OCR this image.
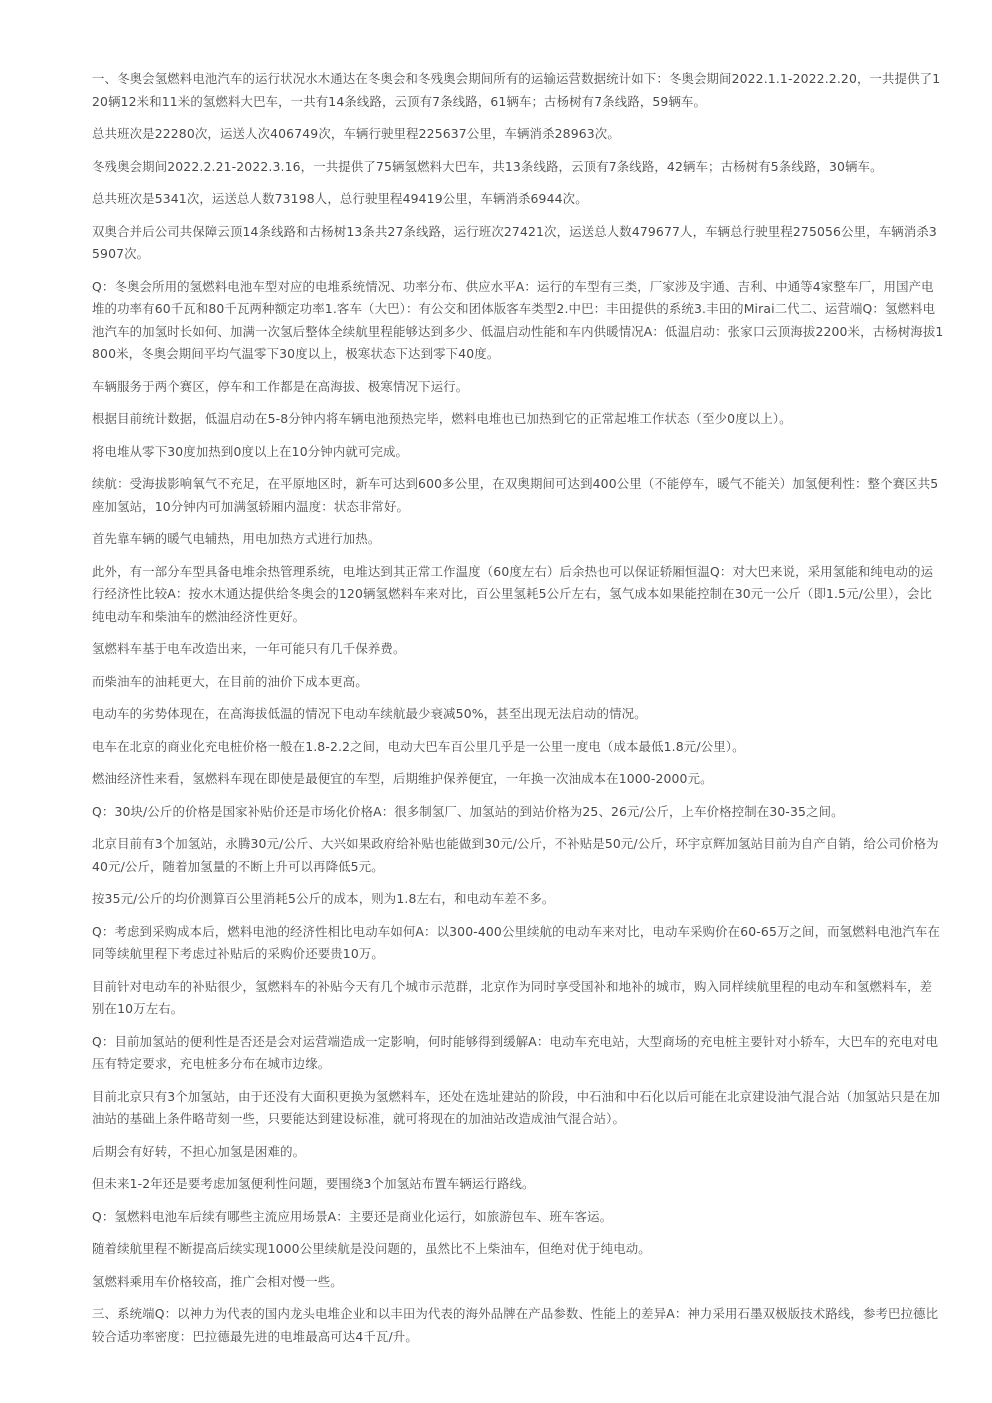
一、冬奥会氢燃料电池汽车的运行状况水木通达在冬奥会和冬残奥会期间所有的运输运营数据统计如下：冬奥会期间2022.1.1-2022.2.20，一共提供了120辆12米和11米的氢燃料大巴车，一共有14条线路，云顶有7条线路，61辆车；古杨树有7条线路，59辆车。

总共班次是22280次，运送人次406749次，车辆行驶里程225637公里，车辆消杀28963次。

冬残奥会期间2022.2.21-2022.3.16，一共提供了75辆氢燃料大巴车，共13条线路，云顶有7条线路，42辆车；古杨树有5条线路，30辆车。

总共班次是5341次，运送总人数73198人，总行驶里程49419公里，车辆消杀6944次。

双奥合并后公司共保障云顶14条线路和古杨树13条共27条线路，运行班次27421次，运送总人数479677人，车辆总行驶里程275056公里，车辆消杀35907次。

Q：冬奥会所用的氢燃料电池车型对应的电堆系统情况、功率分布、供应水平A：运行的车型有三类，厂家涉及宇通、吉利、中通等4家整车厂，用国产电堆的功率有60千瓦和80千瓦两种额定功率1.客车（大巴）：有公交和团体版客车类型2.中巴：丰田提供的系统3.丰田的Mirai二代二、运营端Q：氢燃料电池汽车的加氢时长如何、加满一次氢后整体全续航里程能够达到多少、低温启动性能和车内供暖情况A：低温启动：张家口云顶海拔2200米，古杨树海拔1800米，冬奥会期间平均气温零下30度以上，极寒状态下达到零下40度。

车辆服务于两个赛区，停车和工作都是在高海拔、极寒情况下运行。

根据目前统计数据，低温启动在5-8分钟内将车辆电池预热完毕，燃料电堆也已加热到它的正常起堆工作状态（至少0度以上）。

将电堆从零下30度加热到0度以上在10分钟内就可完成。

续航：受海拔影响氧气不充足，在平原地区时，新车可达到600多公里，在双奥期间可达到400公里（不能停车，暖气不能关）加氢便利性：整个赛区共5座加氢站，10分钟内可加满氢轿厢内温度：状态非常好。

首先靠车辆的暖气电辅热，用电加热方式进行加热。

此外，有一部分车型具备电堆余热管理系统，电堆达到其正常工作温度（60度左右）后余热也可以保证轿厢恒温Q：对大巴来说，采用氢能和纯电动的运行经济性比较A：按水木通达提供给冬奥会的120辆氢燃料车来对比，百公里氢耗5公斤左右，氢气成本如果能控制在30元一公斤（即1.5元/公里），会比纯电动车和柴油车的燃油经济性更好。

氢燃料车基于电车改造出来，一年可能只有几千保养费。

而柴油车的油耗更大，在目前的油价下成本更高。

电动车的劣势体现在，在高海拔低温的情况下电动车续航最少衰减50%，甚至出现无法启动的情况。

电车在北京的商业化充电桩价格一般在1.8-2.2之间，电动大巴车百公里几乎是一公里一度电（成本最低1.8元/公里）。

燃油经济性来看，氢燃料车现在即使是最便宜的车型，后期维护保养便宜，一年换一次油成本在1000-2000元。

Q：30块/公斤的价格是国家补贴价还是市场化价格A：很多制氢厂、加氢站的到站价格为25、26元/公斤，上车价格控制在30-35之间。

北京目前有3个加氢站，永腾30元/公斤、大兴如果政府给补贴也能做到30元/公斤，不补贴是50元/公斤，环宇京辉加氢站目前为自产自销，给公司价格为40元/公斤，随着加氢量的不断上升可以再降低5元。

按35元/公斤的均价测算百公里消耗5公斤的成本，则为1.8左右，和电动车差不多。

Q：考虑到采购成本后，燃料电池的经济性相比电动车如何A：以300-400公里续航的电动车来对比，电动车采购价在60-65万之间，而氢燃料电池汽车在同等续航里程下考虑过补贴后的采购价还要贵10万。

目前针对电动车的补贴很少，氢燃料车的补贴今天有几个城市示范群，北京作为同时享受国补和地补的城市，购入同样续航里程的电动车和氢燃料车，差别在10万左右。

Q：目前加氢站的便利性是否还是会对运营端造成一定影响，何时能够得到缓解A：电动车充电站，大型商场的充电桩主要针对小轿车，大巴车的充电对电压有特定要求，充电桩多分布在城市边缘。

目前北京只有3个加氢站，由于还没有大面积更换为氢燃料车，还处在选址建站的阶段，中石油和中石化以后可能在北京建设油气混合站（加氢站只是在加油站的基础上条件略苛刻一些，只要能达到建设标准，就可将现在的加油站改造成油气混合站）。

后期会有好转，不担心加氢是困难的。

但未来1-2年还是要考虑加氢便利性问题，要围绕3个加氢站布置车辆运行路线。

Q：氢燃料电池车后续有哪些主流应用场景A：主要还是商业化运行，如旅游包车、班车客运。

随着续航里程不断提高后续实现1000公里续航是没问题的，虽然比不上柴油车，但绝对优于纯电动。

氢燃料乘用车价格较高，推广会相对慢一些。

三、系统端Q：以神力为代表的国内龙头电堆企业和以丰田为代表的海外品牌在产品参数、性能上的差异A：神力采用石墨双极版技术路线，参考巴拉德比较合适功率密度：巴拉德最先进的电堆最高可达4千瓦/升。
